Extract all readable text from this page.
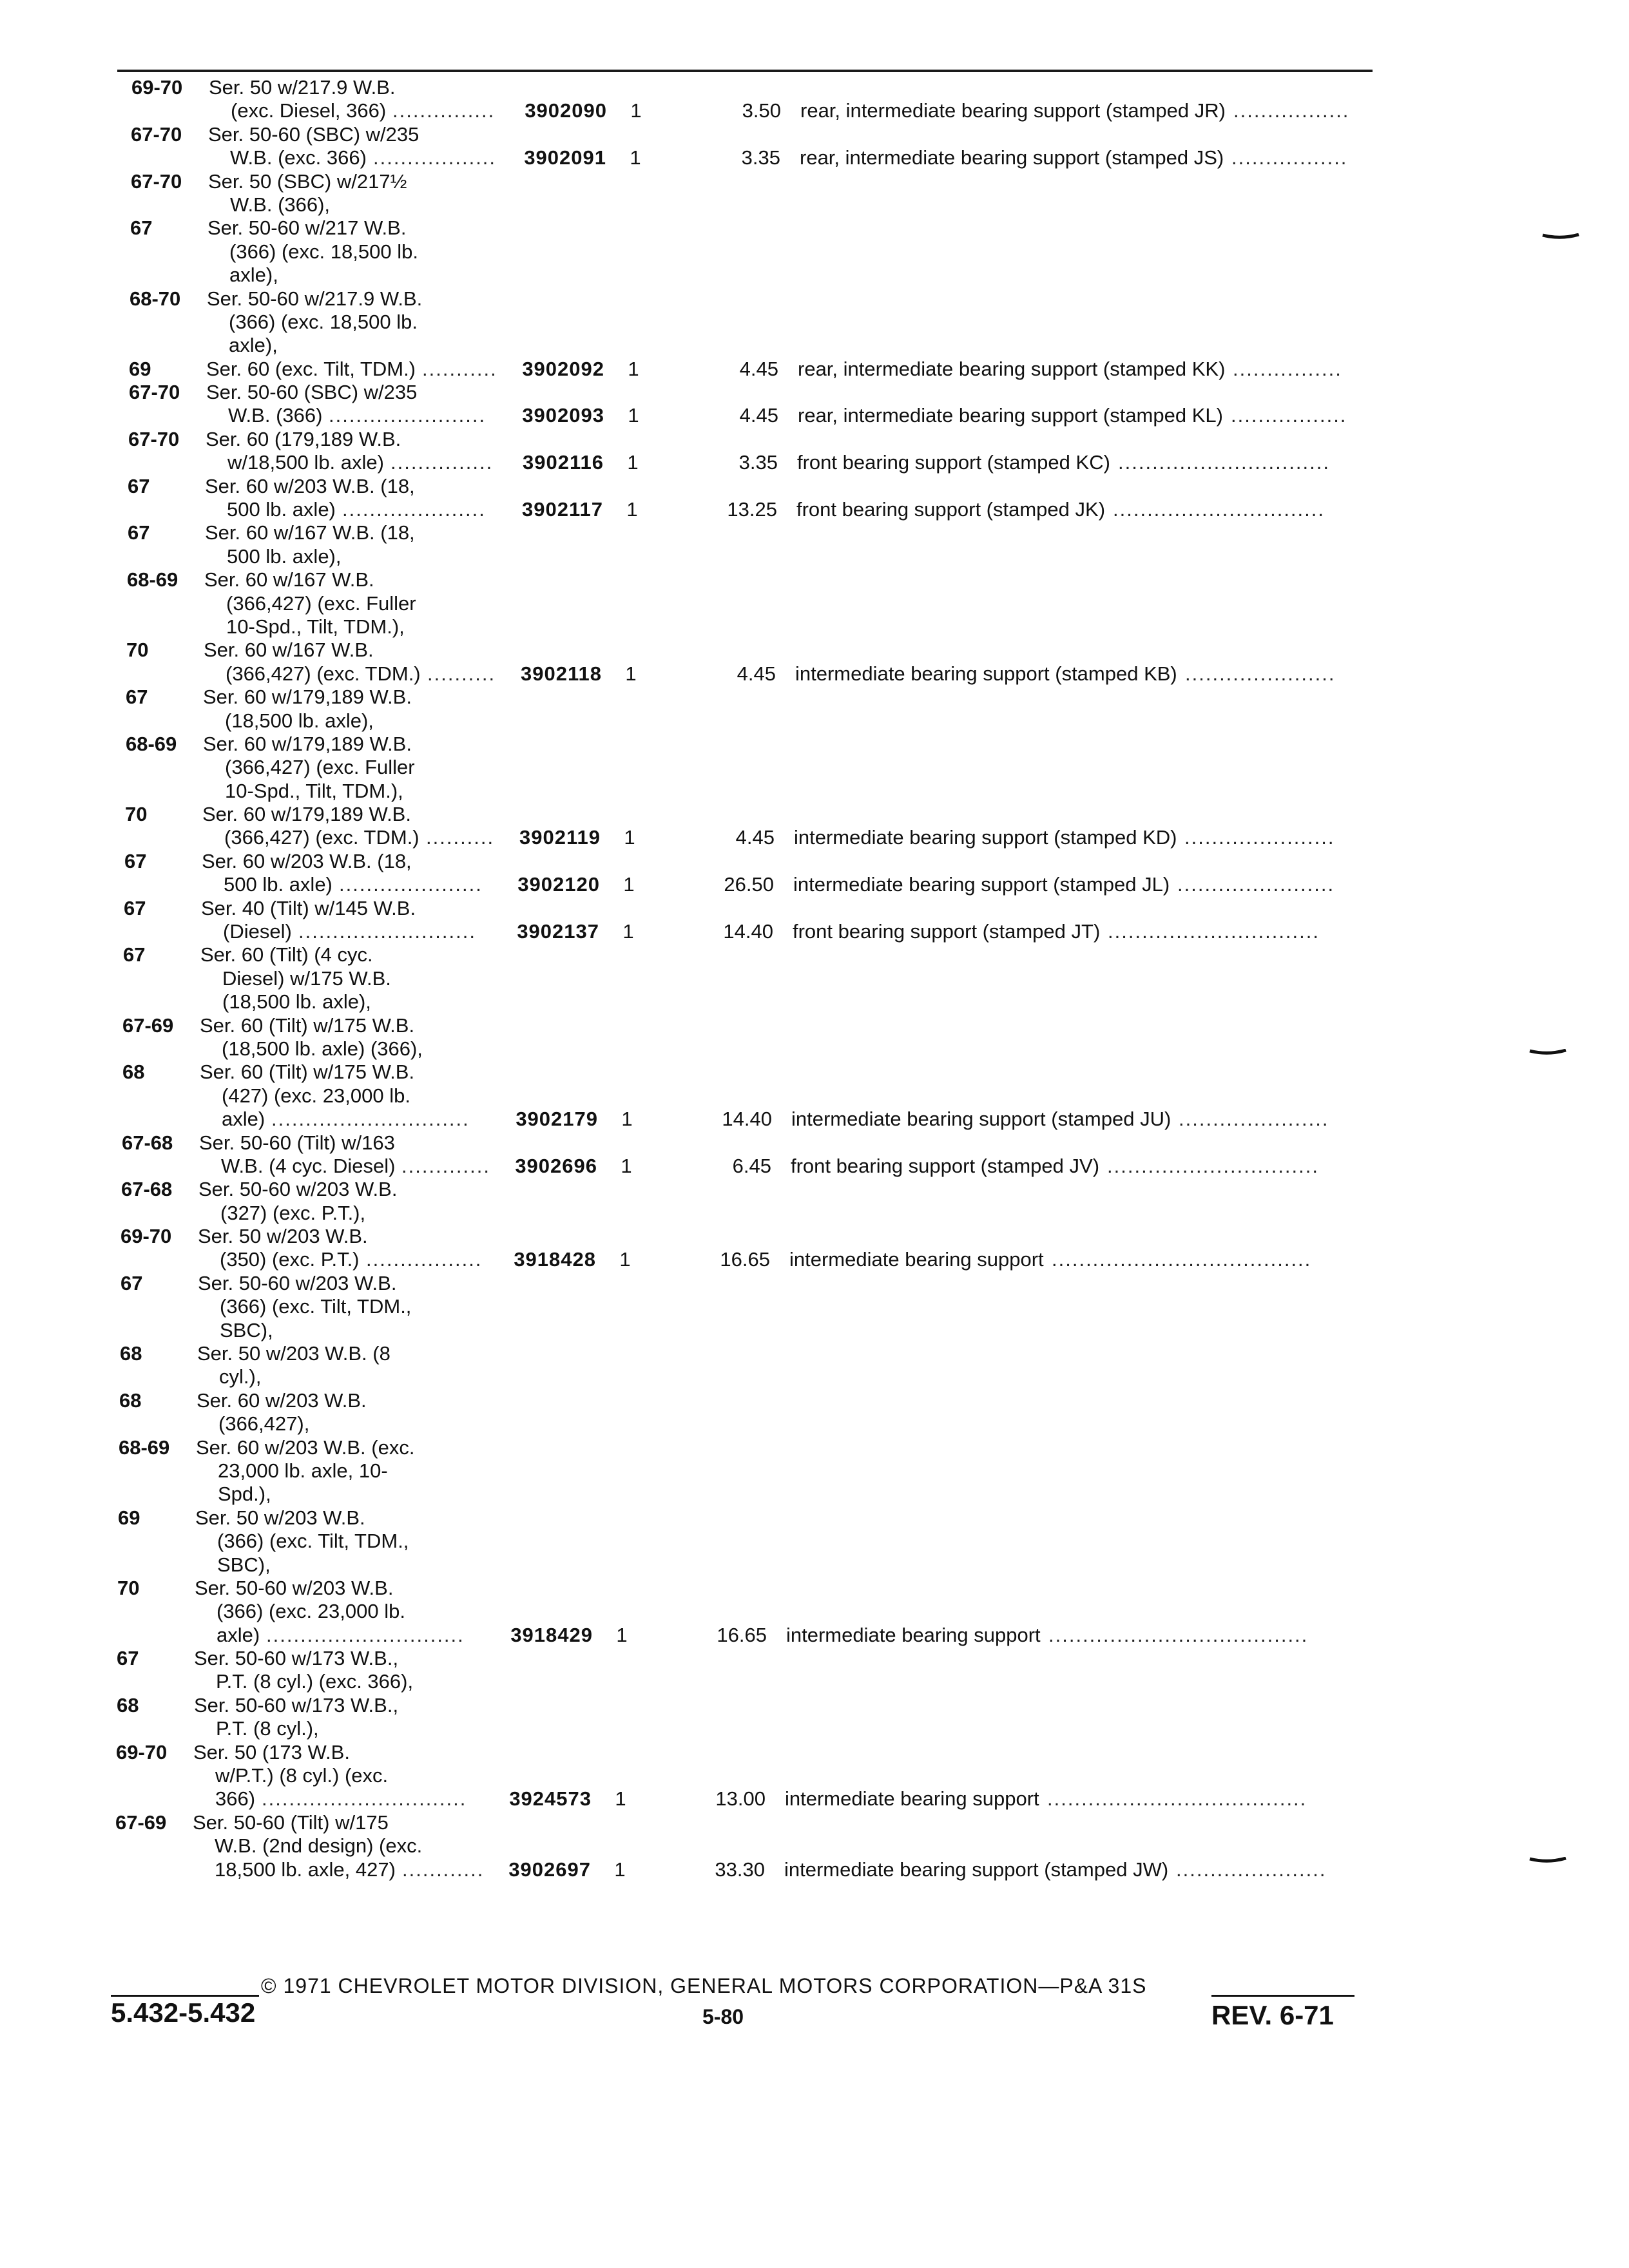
69-70 Ser. 50 w/217.9 W.B.
(exc. Diesel, 366) ...............	3902090 1	3.50 rear, intermediate bearing support (stamped JR) .................
67-70 Ser. 50-60 (SBC) w/235
W.B. (exc. 366) ..................	3902091 1	3.35 rear, intermediate bearing support (stamped JS) .................
67-70 Ser. 50 (SBC) w/217½
W.B. (366),
67	Ser. 50-60 w/217 W.B.
(366) (exc. 18,500 lb.
axle),
68-70 Ser. 50-60 w/217.9 W.B.
(366) (exc. 18,500 lb.
axle),
69	Ser. 60 (exc. Tilt, TDM.) ...........	3902092 1	4.45 rear, intermediate bearing support (stamped KK) ................
67-70 Ser. 50-60 (SBC) w/235
W.B. (366) .......................	3902093 1	4.45 rear, intermediate bearing support (stamped KL) .................
67-70 Ser. 60 (179,189 W.B.
w/18,500 lb. axle) ...............	3902116 1	3.35 front bearing support (stamped KC) ...............................
67	Ser. 60 w/203 W.B. (18,
500 lb. axle) .....................	3902117 1	13.25 front bearing support (stamped JK) ...............................
67	Ser. 60 w/167 W.B. (18,
500 lb. axle),
68-69 Ser. 60 w/167 W.B.
(366,427) (exc. Fuller
10-Spd., Tilt, TDM.),
70	Ser. 60 w/167 W.B.
(366,427) (exc. TDM.) ..........	3902118 1	4.45 intermediate bearing support (stamped KB) ......................
67	Ser. 60 w/179,189 W.B.
(18,500 lb. axle),
68-69 Ser. 60 w/179,189 W.B.
(366,427) (exc. Fuller
10-Spd., Tilt, TDM.),
70	Ser. 60 w/179,189 W.B.
(366,427) (exc. TDM.) ..........	3902119 1	4.45 intermediate bearing support (stamped KD) ......................
67	Ser. 60 w/203 W.B. (18,
500 lb. axle) .....................	3902120 1	26.50 intermediate bearing support (stamped JL) .......................
67	Ser. 40 (Tilt) w/145 W.B.
(Diesel) ..........................	3902137 1	14.40 front bearing support (stamped JT) ...............................
67	Ser. 60 (Tilt) (4 cyc.
Diesel) w/175 W.B.
(18,500 lb. axle),
67-69 Ser. 60 (Tilt) w/175 W.B.
(18,500 lb. axle) (366),
68	Ser. 60 (Tilt) w/175 W.B.
(427) (exc. 23,000 lb.
axle) .............................	3902179 1	14.40 intermediate bearing support (stamped JU) ......................
67-68 Ser. 50-60 (Tilt) w/163
W.B. (4 cyc. Diesel) .............	3902696 1	6.45 front bearing support (stamped JV) ...............................
67-68 Ser. 50-60 w/203 W.B.
(327) (exc. P.T.),
69-70 Ser. 50 w/203 W.B.
(350) (exc. P.T.) .................	3918428 1	16.65 intermediate bearing support ......................................
67	Ser. 50-60 w/203 W.B.
(366) (exc. Tilt, TDM.,
SBC),
68	Ser. 50 w/203 W.B. (8
cyl.),
68	Ser. 60 w/203 W.B.
(366,427),
68-69 Ser. 60 w/203 W.B. (exc.
23,000 lb. axle, 10-
Spd.),
69	Ser. 50 w/203 W.B.
(366) (exc. Tilt, TDM.,
SBC),
70	Ser. 50-60 w/203 W.B.
(366) (exc. 23,000 lb.
axle) .............................	3918429 1	16.65 intermediate bearing support ......................................
67	Ser. 50-60 w/173 W.B.,
P.T. (8 cyl.) (exc. 366),
68	Ser. 50-60 w/173 W.B.,
P.T. (8 cyl.),
69-70 Ser. 50 (173 W.B.
w/P.T.) (8 cyl.) (exc.
366) ..............................	3924573 1	13.00 intermediate bearing support ......................................
67-69 Ser. 50-60 (Tilt) w/175
W.B. (2nd design) (exc.
18,500 lb. axle, 427) ............	3902697 1	33.30 intermediate bearing support (stamped JW) ......................
© 1971 CHEVROLET MOTOR DIVISION, GENERAL MOTORS CORPORATION—P&A 31S
5.432-5.432	5-80	REV. 6-71
